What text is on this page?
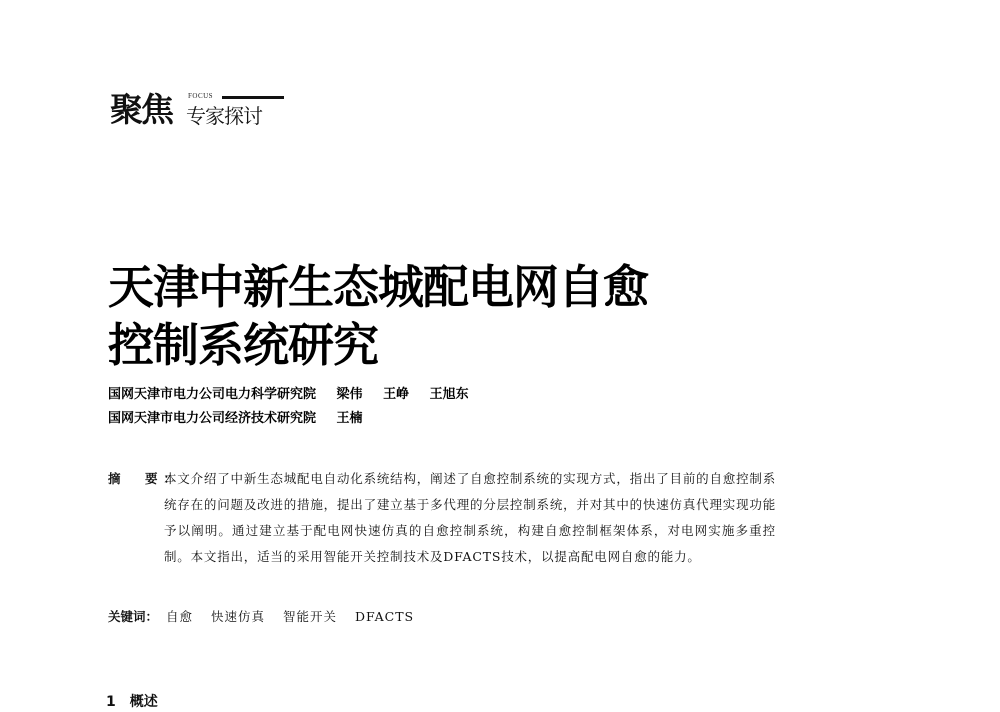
聚焦 FOCUS
专家探讨
天津中新生态城配电网自愈
控制系统研究
国网天津市电力公司电力科学研究院 梁伟 王峥 王旭东
国网天津市电力公司经济技术研究院 王楠
摘　要：
本文介绍了中新生态城配电自动化系统结构，阐述了自愈控制系统的实现方式，指出了目前的自愈控制系统存在的问题及改进的措施，提出了建立基于多代理的分层控制系统，并对其中的快速仿真代理实现功能予以阐明。通过建立基于配电网快速仿真的自愈控制系统，构建自愈控制框架体系，对电网实施多重控制。本文指出，适当的采用智能开关控制技术及DFACTS技术，以提高配电网自愈的能力。
关键词： 自愈 快速仿真 智能开关 DFACTS
1 概述
